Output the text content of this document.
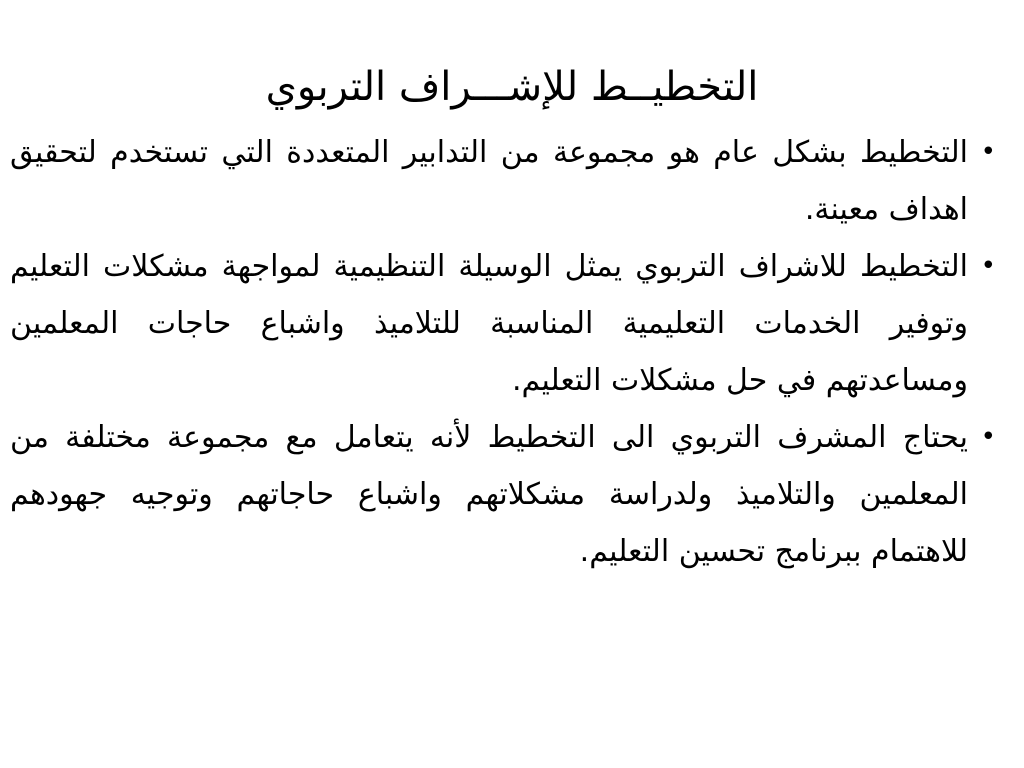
التخطيــط للإشـــراف التربوي
•
التخطيط بشكل عام هو مجموعة من التدابير المتعددة التي تستخدم لتحقيق اهداف معينة.
•
التخطيط للاشراف التربوي يمثل الوسيلة التنظيمية لمواجهة مشكلات التعليم وتوفير الخدمات التعليمية المناسبة للتلاميذ واشباع حاجات المعلمين ومساعدتهم في حل مشكلات التعليم.
•
يحتاج المشرف التربوي الى التخطيط لأنه يتعامل مع مجموعة مختلفة من المعلمين والتلاميذ ولدراسة مشكلاتهم واشباع حاجاتهم وتوجيه جهودهم للاهتمام ببرنامج تحسين التعليم.
